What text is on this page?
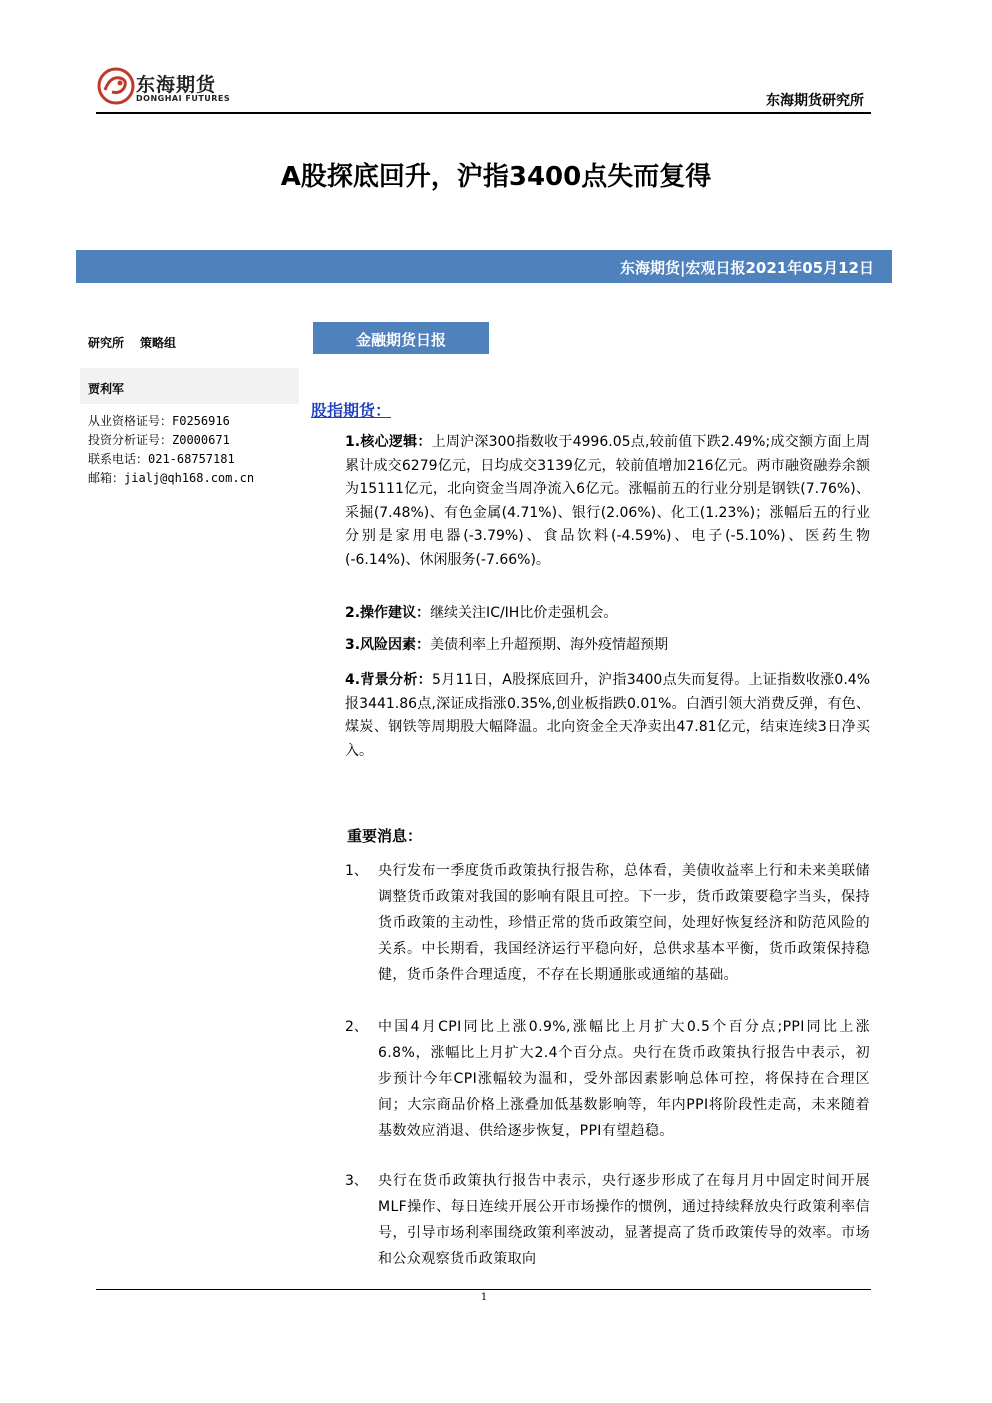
东海期货
DONGHAI FUTURES	东海期货研究所
A股探底回升，沪指3400点失而复得
东海期货|宏观日报2021年05月12日
研究所 策略组
贾利军
从业资格证号：F0256916
投资分析证号：Z0000671
联系电话：021-68757181
邮箱：jialj@qh168.com.cn
金融期货日报
股指期货：
1.核心逻辑：上周沪深300指数收于4996.05点,较前值下跌2.49%;成交额方面上周累计成交6279亿元，日均成交3139亿元，较前值增加216亿元。两市融资融券余额为15111亿元，北向资金当周净流入6亿元。涨幅前五的行业分别是钢铁(7.76%)、采掘(7.48%)、有色金属(4.71%)、银行(2.06%)、化工(1.23%)；涨幅后五的行业分别是家用电器(-3.79%)、食品饮料(-4.59%)、电子(-5.10%)、医药生物(-6.14%)、休闲服务(-7.66%)。
2.操作建议：继续关注IC/IH比价走强机会。
3.风险因素：美债利率上升超预期、海外疫情超预期
4.背景分析：5月11日，A股探底回升，沪指3400点失而复得。上证指数收涨0.4%报3441.86点,深证成指涨0.35%,创业板指跌0.01%。白酒引领大消费反弹，有色、煤炭、钢铁等周期股大幅降温。北向资金全天净卖出47.81亿元，结束连续3日净买入。
重要消息：
1、 央行发布一季度货币政策执行报告称，总体看，美债收益率上行和未来美联储调整货币政策对我国的影响有限且可控。下一步，货币政策要稳字当头，保持货币政策的主动性，珍惜正常的货币政策空间，处理好恢复经济和防范风险的关系。中长期看，我国经济运行平稳向好，总供求基本平衡，货币政策保持稳健，货币条件合理适度，不存在长期通胀或通缩的基础。
2、 中国4月CPI同比上涨0.9%,涨幅比上月扩大0.5个百分点;PPI同比上涨6.8%，涨幅比上月扩大2.4个百分点。央行在货币政策执行报告中表示，初步预计今年CPI涨幅较为温和，受外部因素影响总体可控，将保持在合理区间；大宗商品价格上涨叠加低基数影响等，年内PPI将阶段性走高，未来随着基数效应消退、供给逐步恢复，PPI有望趋稳。
3、 央行在货币政策执行报告中表示，央行逐步形成了在每月月中固定时间开展MLF操作、每日连续开展公开市场操作的惯例，通过持续释放央行政策利率信号，引导市场利率围绕政策利率波动，显著提高了货币政策传导的效率。市场和公众观察货币政策取向
1
